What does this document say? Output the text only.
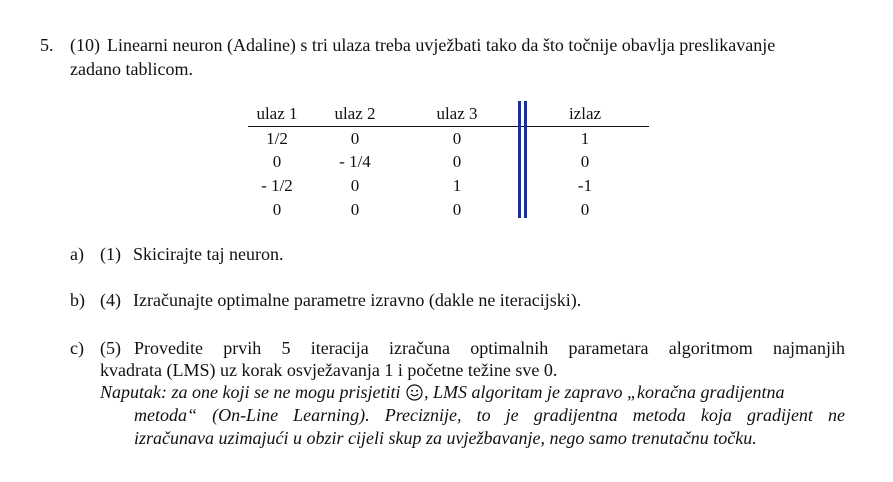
5. (10) Linearni neuron (Adaline) s tri ulaza treba uvježbati tako da što točnije obavlja preslikavanje
zadano tablicom.
ulaz 1	ulaz 2	ulaz 3	izlaz
1/2	0	0	1
0	- 1/4	0	0
- 1/2	0	1	-1
0	0	0	0
a) (1) Skicirajte taj neuron.
b) (4) Izračunajte optimalne parametre izravno (dakle ne iteracijski).
c) (5) Provedite prvih 5 iteracija izračuna optimalnih parametara algoritmom najmanjih
kvadrata (LMS) uz korak osvježavanja 1 i početne težine sve 0.
Naputak: za one koji se ne mogu prisjetiti , LMS algoritam je zapravo „koračna gradijentna
metoda“ (On-Line Learning). Preciznije, to je gradijentna metoda koja gradijent ne
izračunava uzimajući u obzir cijeli skup za uvježbavanje, nego samo trenutačnu točku.
